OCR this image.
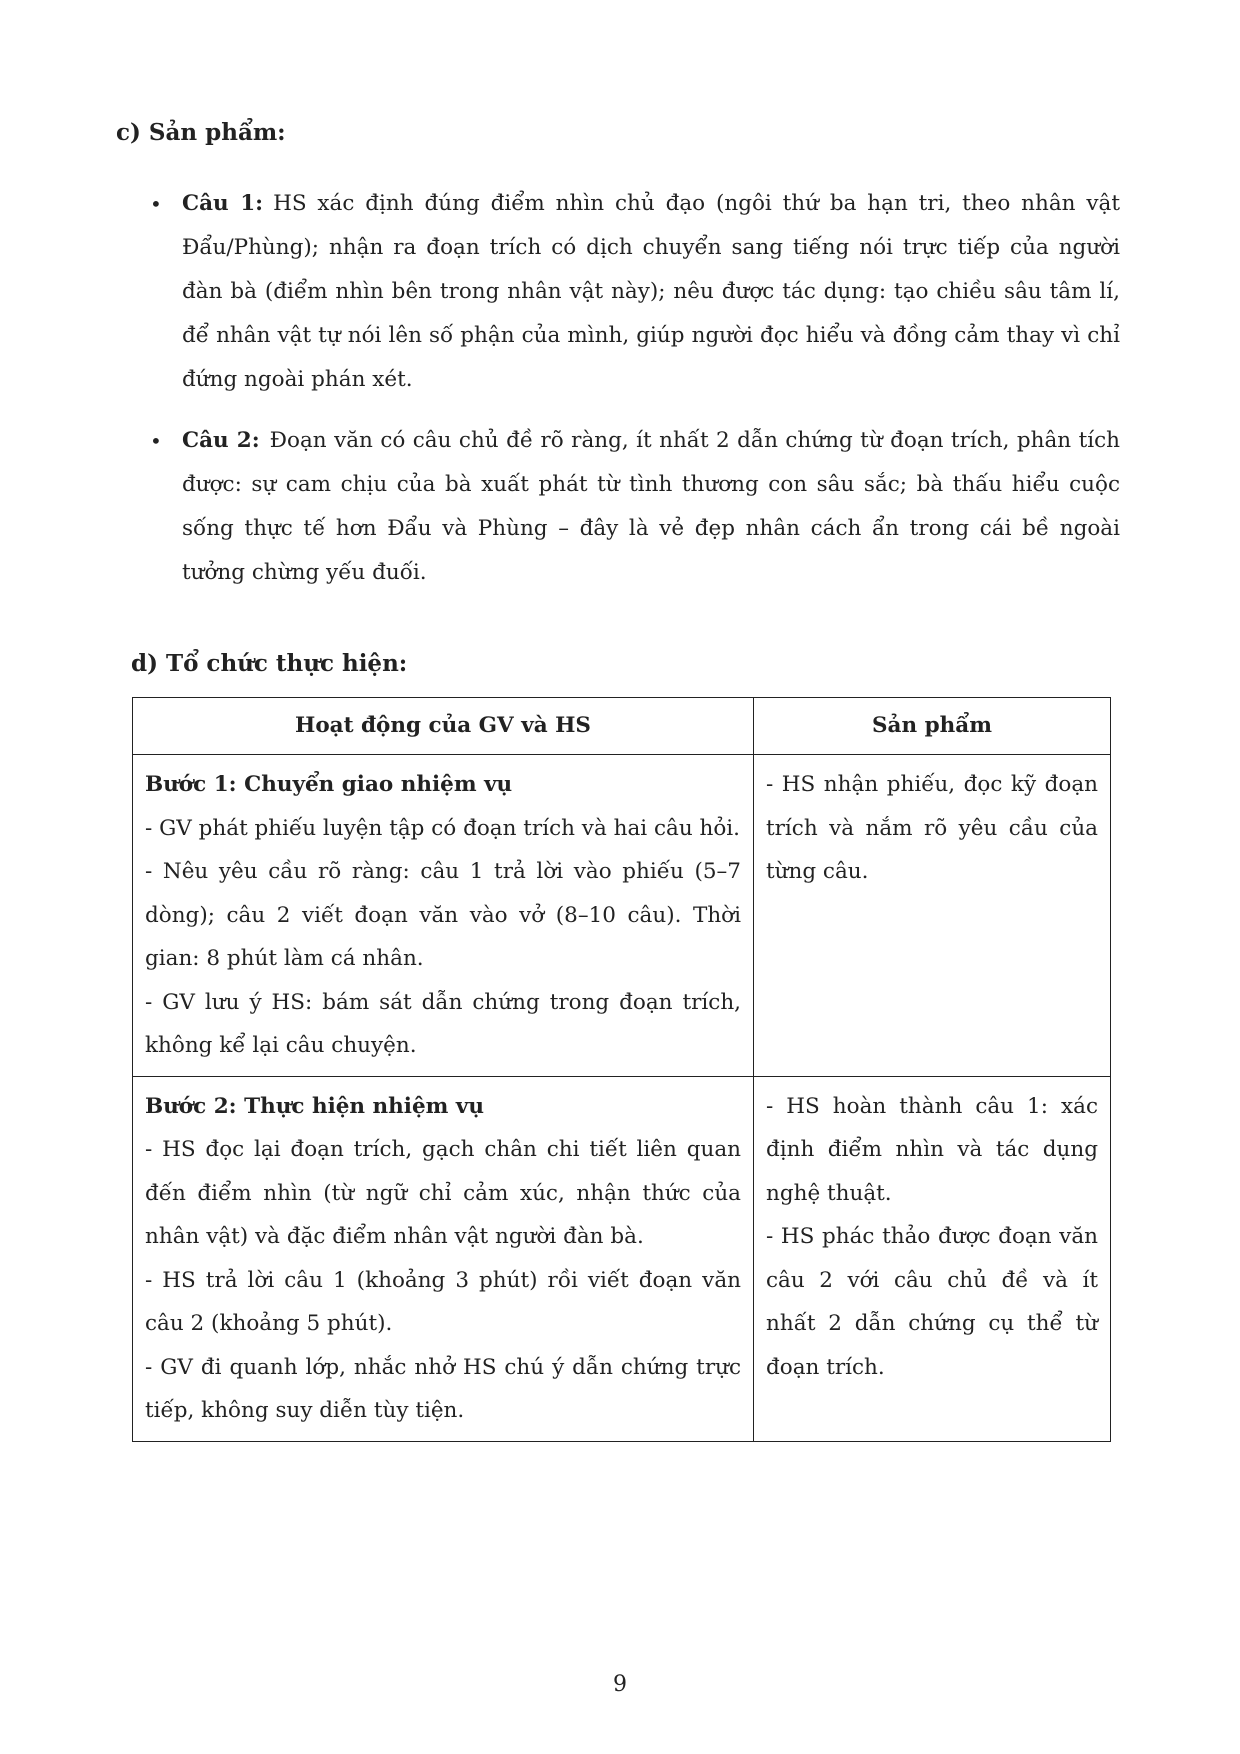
c) Sản phẩm:
• Câu 1: HS xác định đúng điểm nhìn chủ đạo (ngôi thứ ba hạn tri, theo nhân vật Đẩu/Phùng); nhận ra đoạn trích có dịch chuyển sang tiếng nói trực tiếp của người đàn bà (điểm nhìn bên trong nhân vật này); nêu được tác dụng: tạo chiều sâu tâm lí, để nhân vật tự nói lên số phận của mình, giúp người đọc hiểu và đồng cảm thay vì chỉ đứng ngoài phán xét.
• Câu 2: Đoạn văn có câu chủ đề rõ ràng, ít nhất 2 dẫn chứng từ đoạn trích, phân tích được: sự cam chịu của bà xuất phát từ tình thương con sâu sắc; bà thấu hiểu cuộc sống thực tế hơn Đẩu và Phùng – đây là vẻ đẹp nhân cách ẩn trong cái bề ngoài tưởng chừng yếu đuối.
d) Tổ chức thực hiện:
Hoạt động của GV và HS	Sản phẩm

Bước 1: Chuyển giao nhiệm vụ
- GV phát phiếu luyện tập có đoạn trích và hai câu hỏi.
- Nêu yêu cầu rõ ràng: câu 1 trả lời vào phiếu (5–7 dòng); câu 2 viết đoạn văn vào vở (8–10 câu). Thời gian: 8 phút làm cá nhân.
- GV lưu ý HS: bám sát dẫn chứng trong đoạn trích, không kể lại câu chuyện.	- HS nhận phiếu, đọc kỹ đoạn trích và nắm rõ yêu cầu của từng câu.

Bước 2: Thực hiện nhiệm vụ
- HS đọc lại đoạn trích, gạch chân chi tiết liên quan đến điểm nhìn (từ ngữ chỉ cảm xúc, nhận thức của nhân vật) và đặc điểm nhân vật người đàn bà.
- HS trả lời câu 1 (khoảng 3 phút) rồi viết đoạn văn câu 2 (khoảng 5 phút).
- GV đi quanh lớp, nhắc nhở HS chú ý dẫn chứng trực tiếp, không suy diễn tùy tiện.	- HS hoàn thành câu 1: xác định điểm nhìn và tác dụng nghệ thuật.
- HS phác thảo được đoạn văn câu 2 với câu chủ đề và ít nhất 2 dẫn chứng cụ thể từ đoạn trích.
9
